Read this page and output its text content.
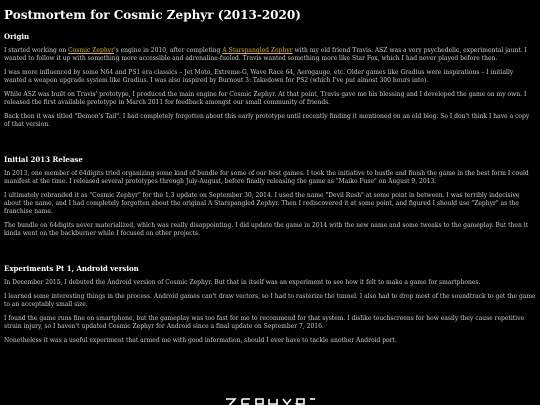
Postmortem for Cosmic Zephyr (2013-2020)
Origin

I started working on Cosmic Zephyr's engine in 2010, after completing A Starspangled Zephyr with my old friend Travis. ASZ was a very psychedelic, experimental jaunt. I wanted to follow it up with something more accessible and adrenaline-fueled. Travis wanted something more like Star Fox, which I had never played before then.

I was more influenced by some N64 and PS1 era classics – Jet Moto, Extreme-G, Wave Race 64, Aerogauge, etc. Older games like Gradius were inspirations – I initially wanted a weapon upgrade system like Gradius. I was also inspired by Burnout 3: Takedown for PS2 (which I've put almost 300 hours into).

While ASZ was built on Travis' prototype, I produced the main engine for Cosmic Zephyr. At that point, Travis gave me his blessing and I developed the game on my own. I released the first available prototype in March 2011 for feedback amongst our small community of friends.

Back then it was titled "Demon's Tail". I had completely forgotten about this early prototype until recently finding it mentioned on an old blog. So I don't think I have a copy of that version.

Initial 2013 Release

In 2013, one member of 64digits tried organizing some kind of bundle for some of our best games. I took the initiative to hustle and finish the game in the best form I could manifest at the time. I released several prototypes through July-August, before finally releasing the game as "Maiko Fuse" on August 9, 2013.

I ultimately rebranded it as "Cosmic Zephyr" for the 1.3 update on September 30, 2014. I used the name "Devil Rush" at some point in between. I was terribly indecisive about the name, and I had completely forgotten about the original A Starspangled Zephyr. Then I rediscovered it at some point, and figured I should use "Zephyr" as the franchise name.

The bundle on 64digits never materialized, which was really disappointing. I did update the game in 2014 with the new name and some tweaks to the gameplay. But then it kinda went on the backburner while I focused on other projects.

Experiments Pt 1, Android version

In December 2015, I debuted the Android version of Cosmic Zephyr. But that in itself was an experiment to see how it felt to make a game for smartphones.

I learned some interesting things in the process. Android games can't draw vectors, so I had to rasterize the tunnel. I also had to drop most of the soundtrack to get the game to an acceptably small size.

I found the game runs fine on smartphone, but the gameplay was too fast for me to recommend for that system. I dislike touchscreens for how easily they cause repetitive strain injury, so I haven't updated Cosmic Zephyr for Android since a final update on September 7, 2016.

Nonetheless it was a useful experiment that armed me with good information, should I ever have to tackle another Android port.
